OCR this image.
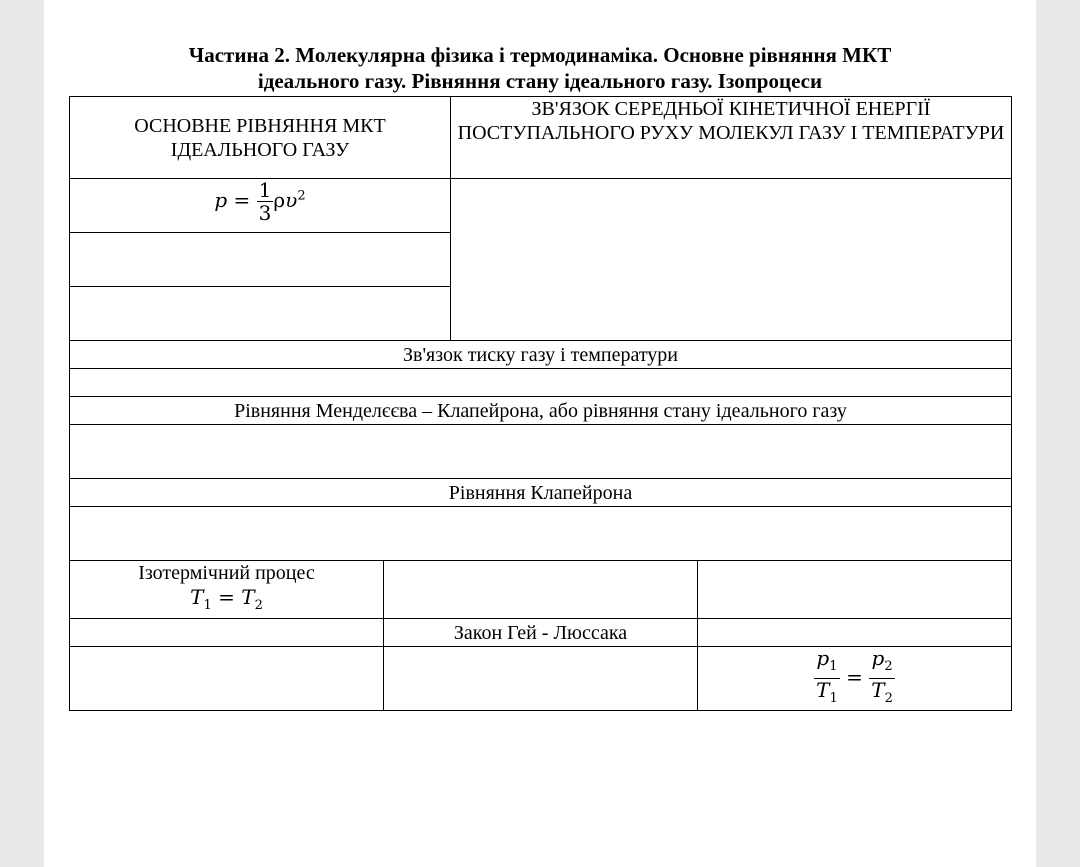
Частина 2. Молекулярна фізика і термодинаміка. Основне рівняння МКТ
ідеального газу. Рівняння стану ідеального газу. Ізопроцеси
ОСНОВНЕ РІВНЯННЯ МКТ ІДЕАЛЬНОГО ГАЗУ		ЗВ'ЯЗОК СЕРЕДНЬОЇ КІНЕТИЧНОЇ ЕНЕРГІЇ ПОСТУПАЛЬНОГО РУХУ МОЛЕКУЛ ГАЗУ І ТЕМПЕРАТУРИ	
$p = \frac{1}{3} \rho\upsilon^2$	

Зв'язок тиску газу і температури			

Рівняння Менделєєва – Клапейрона, або рівняння стану ідеального газу			

Рівняння Клапейрона			

Ізотермічний процес
$T_1 = T_2$

	Закон Гей - Люссака		

			$\frac{p_1}{T_1} = \frac{p_2}{T_2}$
